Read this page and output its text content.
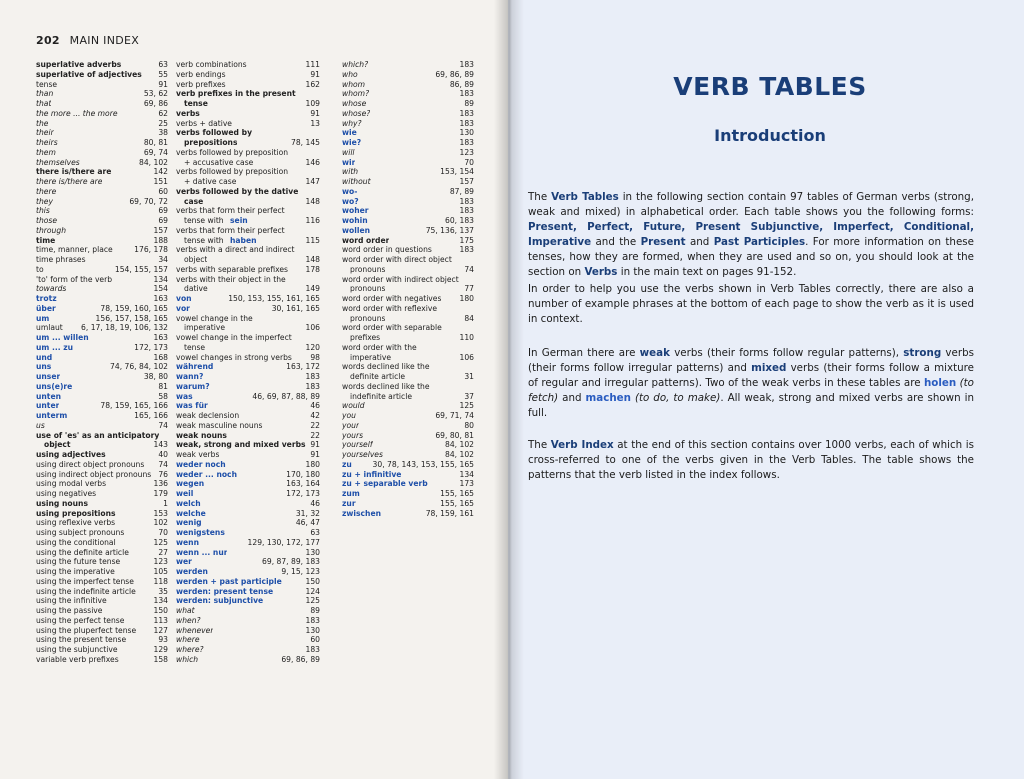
202 MAIN INDEX
superlative adverbs	63
superlative of adjectives 55
tense	91
than	53, 62
that	69, 86
the more ... the more	62
the	25
their	38
theirs	80, 81
them	69, 74
themselves	84, 102
there is/there are	142
there is/there are	151
there	60
they	69, 70, 72
this	69
those	69
through	157
time	188
time, manner, place	176, 178
time phrases	34
to	154, 155, 157
'to' form of the verb	134
towards	154
trotz	163
über	78, 159, 160, 165
um	156, 157, 158, 165
umlaut 6, 17, 18, 19, 106, 132
um ... willen	163
um ... zu	172, 173
und	168
uns	74, 76, 84, 102
unser	38, 80
uns(e)re	81
unten	58
unter	78, 159, 165, 166
unterm	165, 166
us	74
use of 'es' as an anticipatory
object	143
using adjectives	40
using direct object pronouns 74
using indirect object pronouns 76
using modal verbs	136
using negatives	179
using nouns	1
using prepositions	153
using reflexive verbs	102
using subject pronouns	70
using the conditional	125
using the definite article	27
using the future tense	123
using the imperative	105
using the imperfect tense	118
using the indefinite article	35
using the infinitive	134
using the passive	150
using the perfect tense	113
using the pluperfect tense 127
using the present tense	93
using the subjunctive	129
variable verb prefixes	158
verb combinations	111
verb endings	91
verb prefixes	162
verb prefixes in the present
tense	109
verbs	91
verbs + dative	13
verbs followed by
prepositions	78, 145
verbs followed by preposition
+ accusative case	146
verbs followed by preposition
+ dative case	147
verbs followed by the dative
case	148
verbs that form their perfect
tense with sein	116
verbs that form their perfect
tense with haben	115
verbs with a direct and indirect
object	148
verbs with separable prefixes 178
verbs with their object in the
dative	149
von	150, 153, 155, 161, 165
vor	30, 161, 165
vowel change in the
imperative	106
vowel change in the imperfect
tense	120
vowel changes in strong verbs 98
während	163, 172
wann?	183
warum?	183
was	46, 69, 87, 88, 89
was für	46
weak declension	42
weak masculine nouns	22
weak nouns	22
weak, strong and mixed verbs 91
weak verbs	91
weder noch	180
weder ... noch	170, 180
wegen	163, 164
weil	172, 173
welch	46
welche	31, 32
wenig	46, 47
wenigstens	63
wenn	129, 130, 172, 177
wenn ... nur	130
wer	69, 87, 89, 183
werden	9, 15, 123
werden + past participle	150
werden: present tense	124
werden: subjunctive	125
what	89
when?	183
whenever	130
where	60
where?	183
which	69, 86, 89
which?	183
who	69, 86, 89
whom	86, 89
whom?	183
whose	89
whose?	183
why?	183
wie	130
wie?	183
will	123
wir	70
with	153, 154
without	157
wo-	87, 89
wo?	183
woher	183
wohin	60, 183
wollen	75, 136, 137
word order	175
word order in questions	183
word order with direct object
pronouns	74
word order with indirect object
pronouns	77
word order with negatives 180
word order with reflexive
pronouns	84
word order with separable
prefixes	110
word order with the
imperative	106
words declined like the
definite article	31
words declined like the
indefinite article	37
would	125
you	69, 71, 74
your	80
yours	69, 80, 81
yourself	84, 102
yourselves	84, 102
zu	30, 78, 143, 153, 155, 165
zu + infinitive	134
zu + separable verb	173
zum	155, 165
zur	155, 165
zwischen	78, 159, 161
VERB TABLES
Introduction
The Verb Tables in the following section contain 97 tables of German verbs (strong, weak and mixed) in alphabetical order. Each table shows you the following forms: Present, Perfect, Future, Present Subjunctive, Imperfect, Conditional, Imperative and the Present and Past Participles. For more information on these tenses, how they are formed, when they are used and so on, you should look at the section on Verbs in the main text on pages 91-152.
In order to help you use the verbs shown in Verb Tables correctly, there are also a number of example phrases at the bottom of each page to show the verb as it is used in context.
In German there are weak verbs (their forms follow regular patterns), strong verbs (their forms follow irregular patterns) and mixed verbs (their forms follow a mixture of regular and irregular patterns). Two of the weak verbs in these tables are holen (to fetch) and machen (to do, to make). All weak, strong and mixed verbs are shown in full.
The Verb Index at the end of this section contains over 1000 verbs, each of which is cross-referred to one of the verbs given in the Verb Tables. The table shows the patterns that the verb listed in the index follows.
